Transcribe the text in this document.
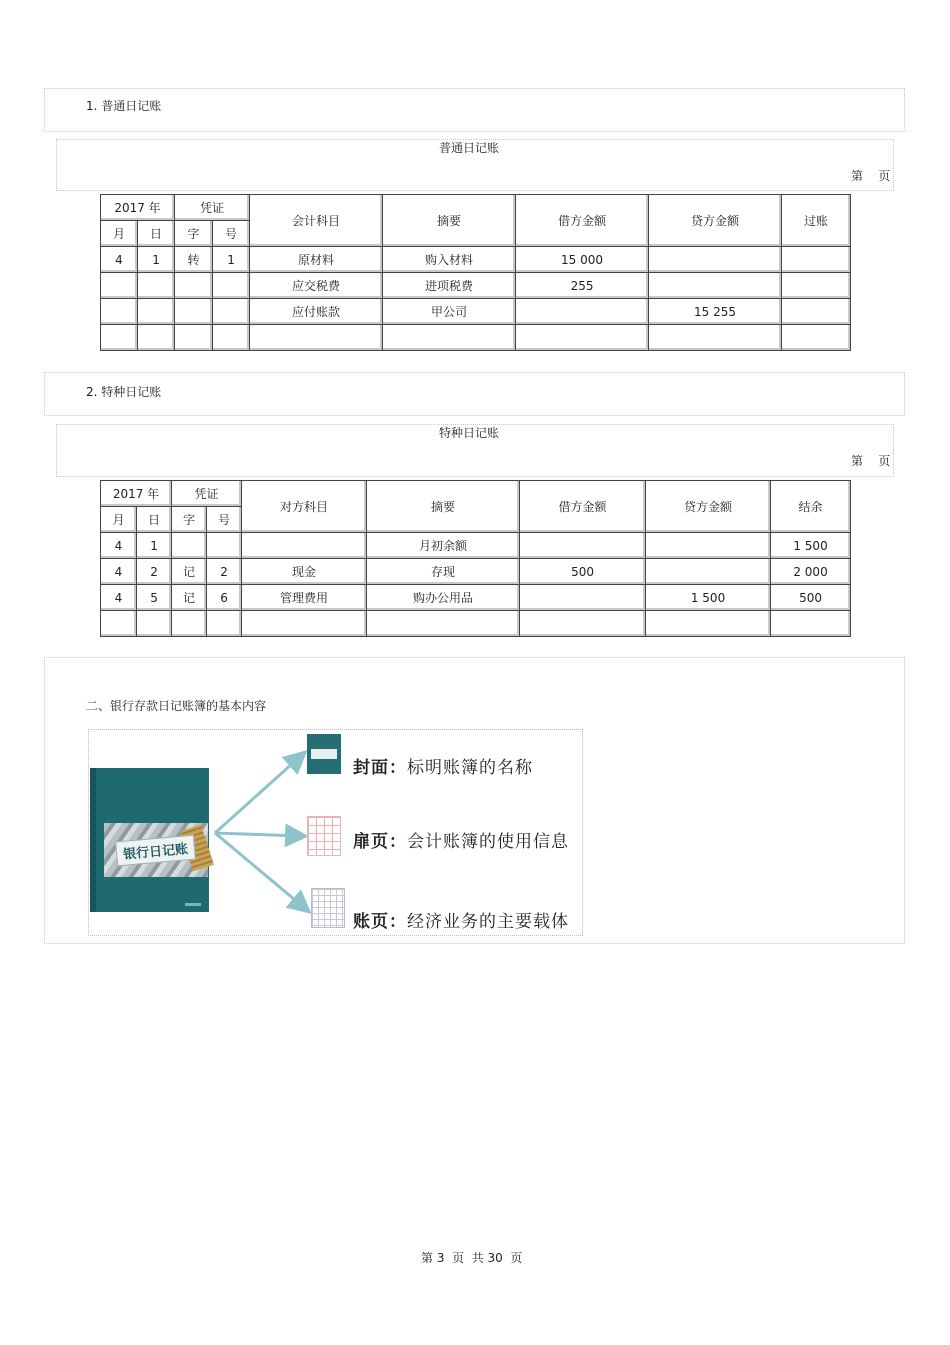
1. 普通日记账
普通日记账
第    页
2017 年		凭证		会计科目	摘要	借方金额	贷方金额	过账
月	日	字	号					
4	1	转	1	原材料	购入材料	15 000		
				应交税费	进项税费	255		
				应付账款	甲公司		15 255	

2. 特种日记账
特种日记账
第    页
2017 年		凭证		对方科目	摘要	借方金额	贷方金额	结余
月	日	字	号					
4	1				月初余额			1 500
4	2	记	2	现金	存现	500		2 000
4	5	记	6	管理费用	购办公用品		1 500	500

二、银行存款日记账簿的基本内容
银行日记账
封面：标明账簿的名称
扉页：会计账簿的使用信息
账页：经济业务的主要载体
第 3  页  共 30  页
